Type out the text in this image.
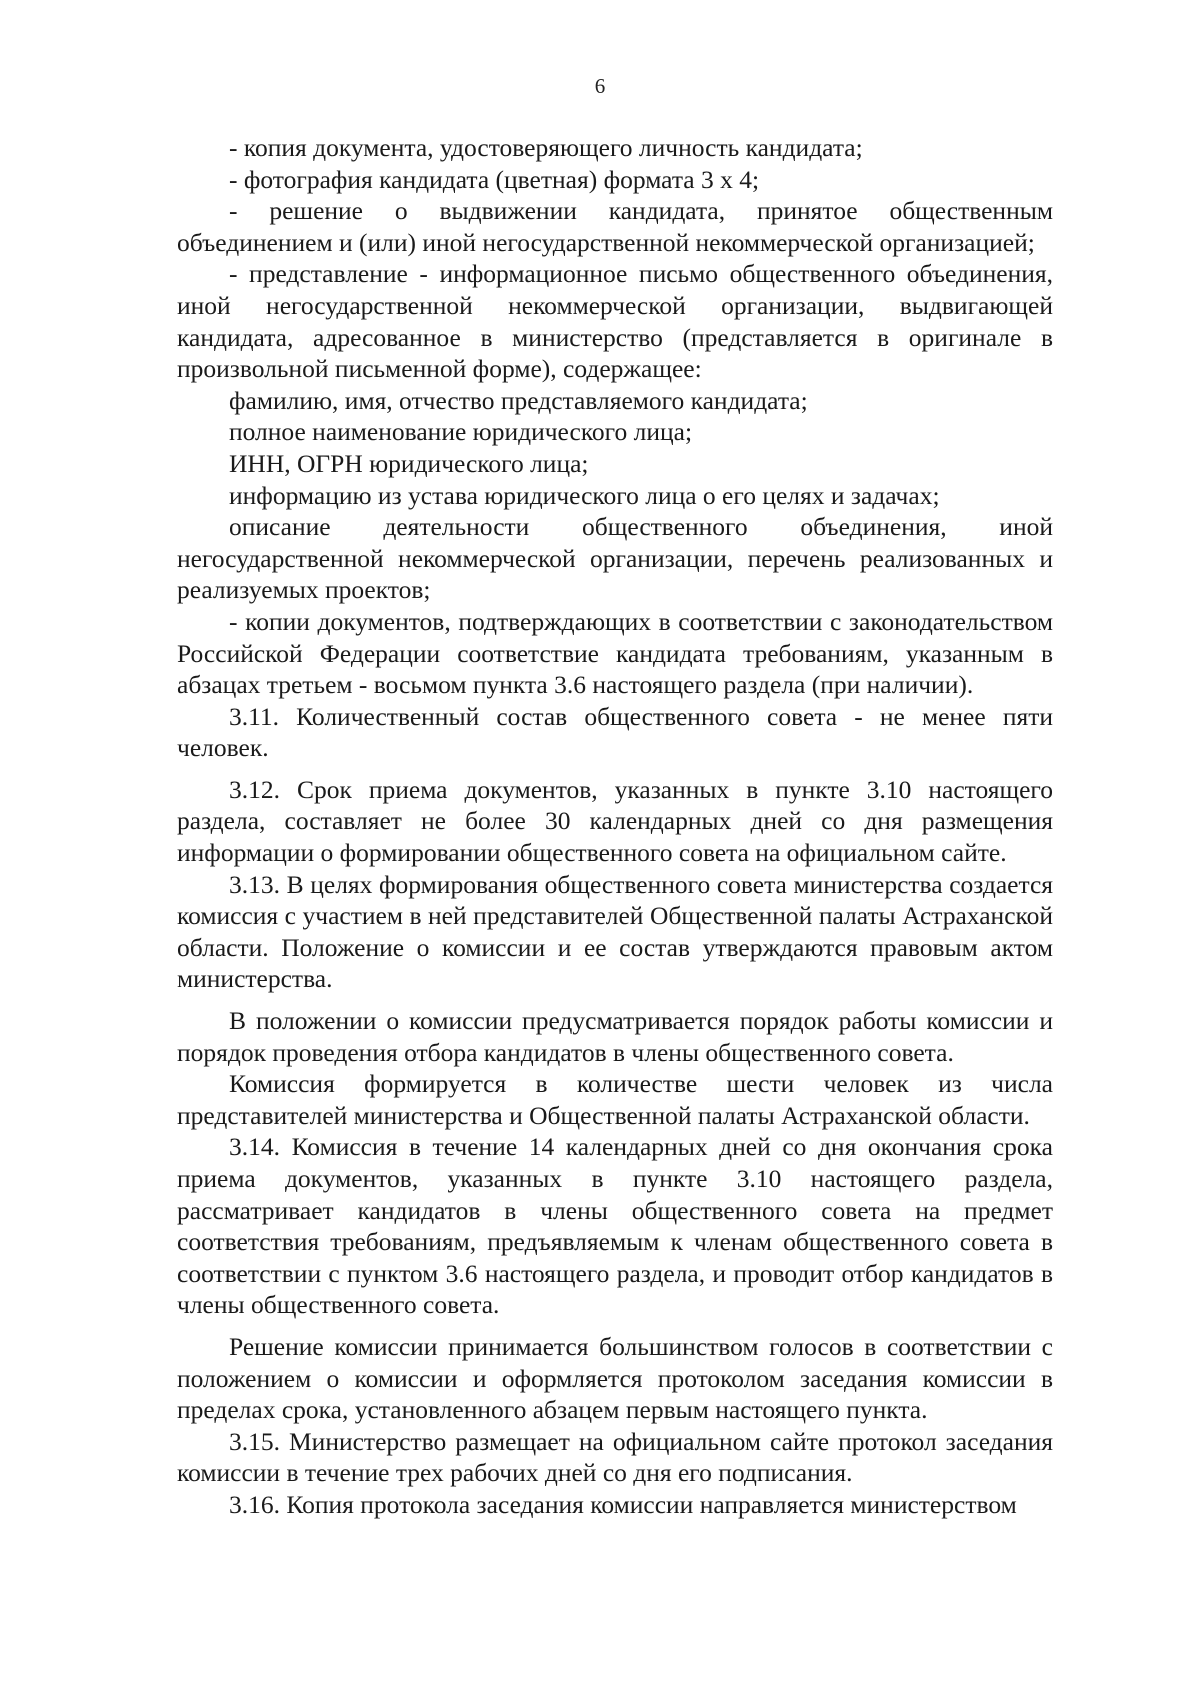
6

- копия документа, удостоверяющего личность кандидата;

- фотография кандидата (цветная) формата 3 х 4;

- решение о выдвижении кандидата, принятое общественным объединением и (или) иной негосударственной некоммерческой организацией;

- представление - информационное письмо общественного объединения, иной негосударственной некоммерческой организации, выдвигающей кандидата, адресованное в министерство (представляется в оригинале в произвольной письменной форме), содержащее:

фамилию, имя, отчество представляемого кандидата;

полное наименование юридического лица;

ИНН, ОГРН юридического лица;

информацию из устава юридического лица о его целях и задачах;

описание деятельности общественного объединения, иной негосударственной некоммерческой организации, перечень реализованных и реализуемых проектов;

- копии документов, подтверждающих в соответствии с законодательством Российской Федерации соответствие кандидата требованиям, указанным в абзацах третьем - восьмом пункта 3.6 настоящего раздела (при наличии).

3.11. Количественный состав общественного совета - не менее пяти человек.

3.12. Срок приема документов, указанных в пункте 3.10 настоящего раздела, составляет не более 30 календарных дней со дня размещения информации о формировании общественного совета на официальном сайте.

3.13. В целях формирования общественного совета министерства создается комиссия с участием в ней представителей Общественной палаты Астраханской области. Положение о комиссии и ее состав утверждаются правовым актом министерства.

В положении о комиссии предусматривается порядок работы комиссии и порядок проведения отбора кандидатов в члены общественного совета.

Комиссия формируется в количестве шести человек из числа представителей министерства и Общественной палаты Астраханской области.

3.14. Комиссия в течение 14 календарных дней со дня окончания срока приема документов, указанных в пункте 3.10 настоящего раздела, рассматривает кандидатов в члены общественного совета на предмет соответствия требованиям, предъявляемым к членам общественного совета в соответствии с пунктом 3.6 настоящего раздела, и проводит отбор кандидатов в члены общественного совета.

Решение комиссии принимается большинством голосов в соответствии с положением о комиссии и оформляется протоколом заседания комиссии в пределах срока, установленного абзацем первым настоящего пункта.

3.15. Министерство размещает на официальном сайте протокол заседания комиссии в течение трех рабочих дней со дня его подписания.

3.16. Копия протокола заседания комиссии направляется министерством
